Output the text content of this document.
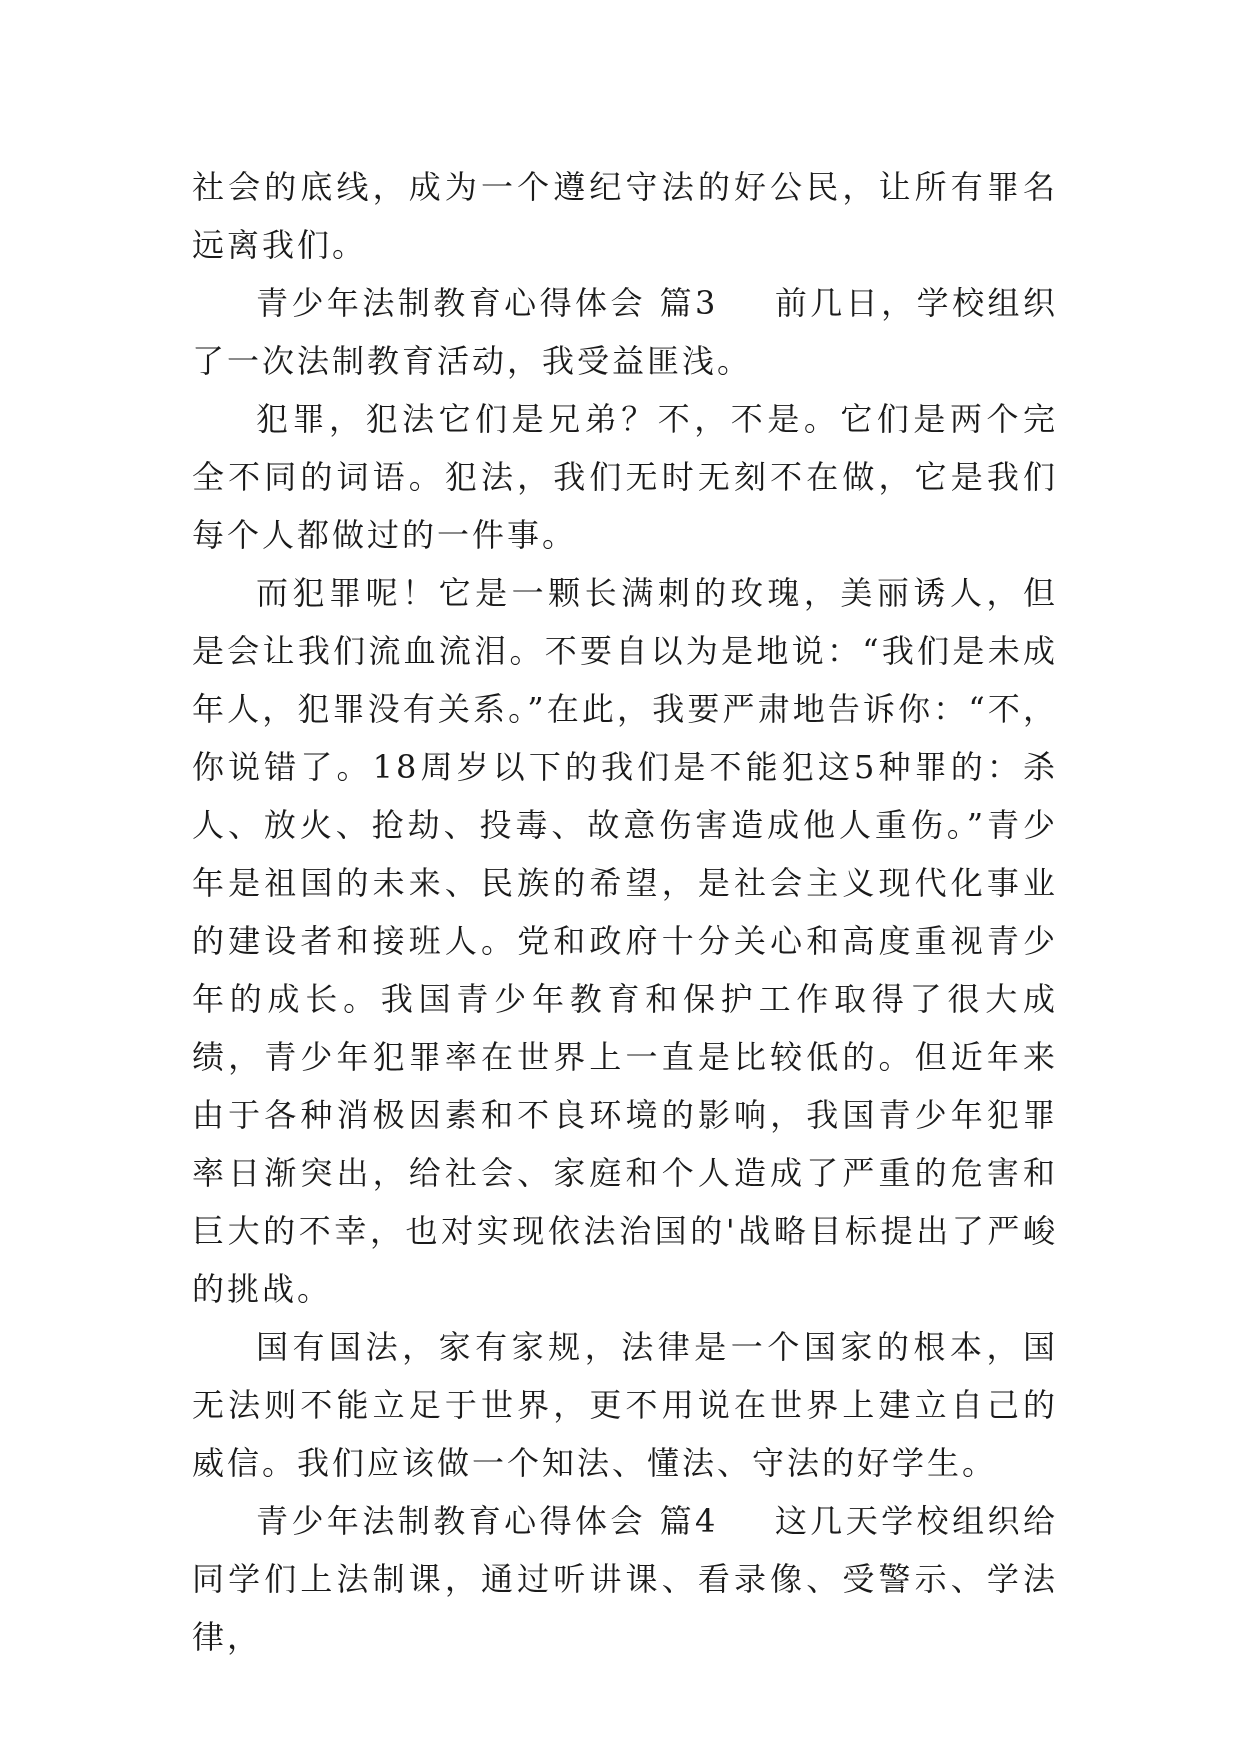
社会的底线，成为一个遵纪守法的好公民，让所有罪名远离我们。

青少年法制教育心得体会 篇3 前几日，学校组织了一次法制教育活动，我受益匪浅。

犯罪，犯法它们是兄弟？不，不是。它们是两个完全不同的词语。犯法，我们无时无刻不在做，它是我们每个人都做过的一件事。

而犯罪呢！它是一颗长满刺的玫瑰，美丽诱人，但是会让我们流血流泪。不要自以为是地说：“我们是未成年人，犯罪没有关系。”在此，我要严肃地告诉你：“不，你说错了。18周岁以下的我们是不能犯这5种罪的：杀人、放火、抢劫、投毒、故意伤害造成他人重伤。”青少年是祖国的未来、民族的希望，是社会主义现代化事业的建设者和接班人。党和政府十分关心和高度重视青少年的成长。我国青少年教育和保护工作取得了很大成绩，青少年犯罪率在世界上一直是比较低的。但近年来由于各种消极因素和不良环境的影响，我国青少年犯罪率日渐突出，给社会、家庭和个人造成了严重的危害和巨大的不幸，也对实现依法治国的'战略目标提出了严峻的挑战。

国有国法，家有家规，法律是一个国家的根本，国无法则不能立足于世界，更不用说在世界上建立自己的威信。我们应该做一个知法、懂法、守法的好学生。

青少年法制教育心得体会 篇4 这几天学校组织给同学们上法制课，通过听讲课、看录像、受警示、学法律，
